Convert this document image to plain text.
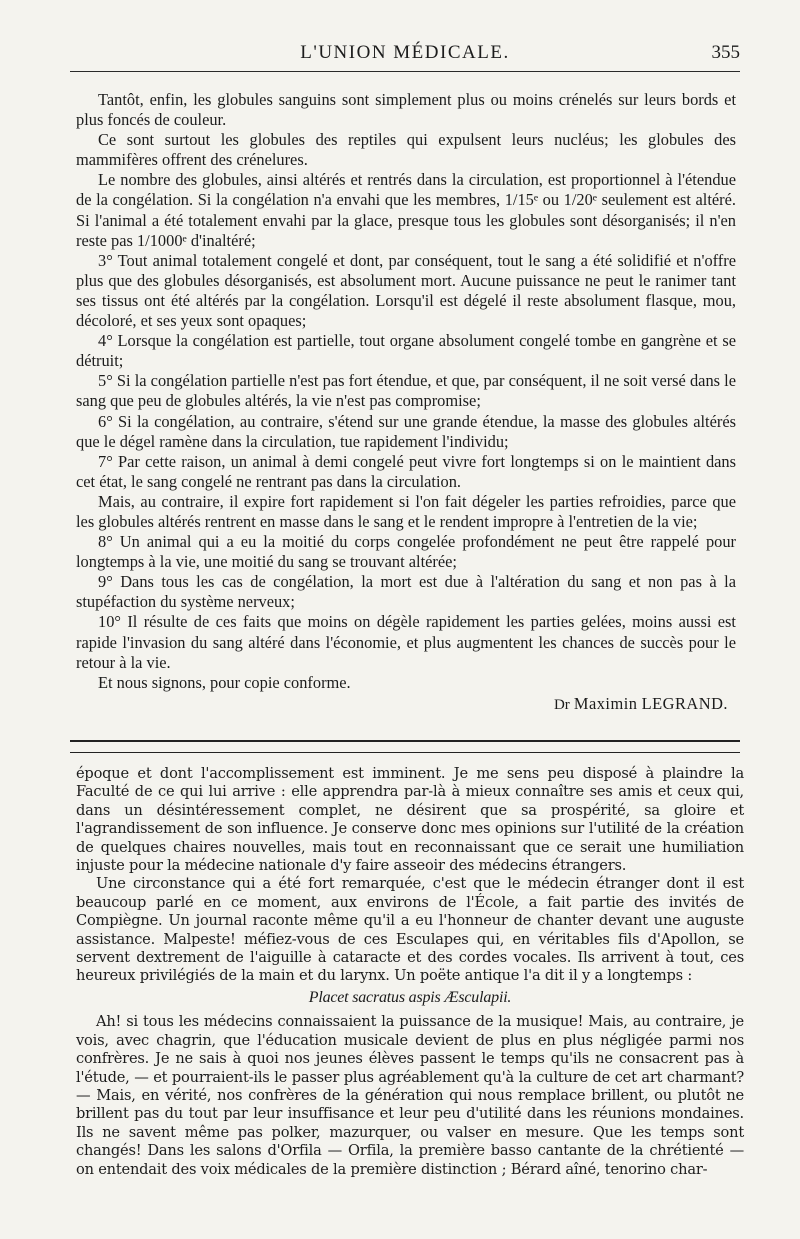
L'UNION MÉDICALE.	355

Tantôt, enfin, les globules sanguins sont simplement plus ou moins crénelés sur leurs bords et plus foncés de couleur.

Ce sont surtout les globules des reptiles qui expulsent leurs nucléus; les globules des mammifères offrent des crénelures.

Le nombre des globules, ainsi altérés et rentrés dans la circulation, est proportionnel à l'étendue de la congélation. Si la congélation n'a envahi que les membres, 1/15ᵉ ou 1/20ᵉ seulement est altéré. Si l'animal a été totalement envahi par la glace, presque tous les globules sont désorganisés; il n'en reste pas 1/1000ᵉ d'inaltéré;

3° Tout animal totalement congelé et dont, par conséquent, tout le sang a été solidifié et n'offre plus que des globules désorganisés, est absolument mort. Aucune puissance ne peut le ranimer tant ses tissus ont été altérés par la congélation. Lorsqu'il est dégelé il reste absolument flasque, mou, décoloré, et ses yeux sont opaques;

4° Lorsque la congélation est partielle, tout organe absolument congelé tombe en gangrène et se détruit;

5° Si la congélation partielle n'est pas fort étendue, et que, par conséquent, il ne soit versé dans le sang que peu de globules altérés, la vie n'est pas compromise;

6° Si la congélation, au contraire, s'étend sur une grande étendue, la masse des globules altérés que le dégel ramène dans la circulation, tue rapidement l'individu;

7° Par cette raison, un animal à demi congelé peut vivre fort longtemps si on le maintient dans cet état, le sang congelé ne rentrant pas dans la circulation.

Mais, au contraire, il expire fort rapidement si l'on fait dégeler les parties refroidies, parce que les globules altérés rentrent en masse dans le sang et le rendent impropre à l'entretien de la vie;

8° Un animal qui a eu la moitié du corps congelée profondément ne peut être rappelé pour longtemps à la vie, une moitié du sang se trouvant altérée;

9° Dans tous les cas de congélation, la mort est due à l'altération du sang et non pas à la stupéfaction du système nerveux;

10° Il résulte de ces faits que moins on dégèle rapidement les parties gelées, moins aussi est rapide l'invasion du sang altéré dans l'économie, et plus augmentent les chances de succès pour le retour à la vie.

Et nous signons, pour copie conforme.

Dr Maximin LEGRAND.

époque et dont l'accomplissement est imminent. Je me sens peu disposé à plaindre la Faculté de ce qui lui arrive : elle apprendra par-là à mieux connaître ses amis et ceux qui, dans un désintéressement complet, ne désirent que sa prospérité, sa gloire et l'agrandissement de son influence. Je conserve donc mes opinions sur l'utilité de la création de quelques chaires nouvelles, mais tout en reconnaissant que ce serait une humiliation injuste pour la médecine nationale d'y faire asseoir des médecins étrangers.

Une circonstance qui a été fort remarquée, c'est que le médecin étranger dont il est beaucoup parlé en ce moment, aux environs de l'École, a fait partie des invités de Compiègne. Un journal raconte même qu'il a eu l'honneur de chanter devant une auguste assistance. Malpeste! méfiez-vous de ces Esculapes qui, en véritables fils d'Apollon, se servent dextrement de l'aiguille à cataracte et des cordes vocales. Ils arrivent à tout, ces heureux privilégiés de la main et du larynx. Un poëte antique l'a dit il y a longtemps :

Placet sacratus aspis Æsculapii.

Ah! si tous les médecins connaissaient la puissance de la musique! Mais, au contraire, je vois, avec chagrin, que l'éducation musicale devient de plus en plus négligée parmi nos confrères. Je ne sais à quoi nos jeunes élèves passent le temps qu'ils ne consacrent pas à l'étude, — et pourraient-ils le passer plus agréablement qu'à la culture de cet art charmant? — Mais, en vérité, nos confrères de la génération qui nous remplace brillent, ou plutôt ne brillent pas du tout par leur insuffisance et leur peu d'utilité dans les réunions mondaines. Ils ne savent même pas polker, mazurquer, ou valser en mesure. Que les temps sont changés! Dans les salons d'Orfila — Orfila, la première basso cantante de la chrétienté — on entendait des voix médicales de la première distinction ; Bérard aîné, tenorino char-
